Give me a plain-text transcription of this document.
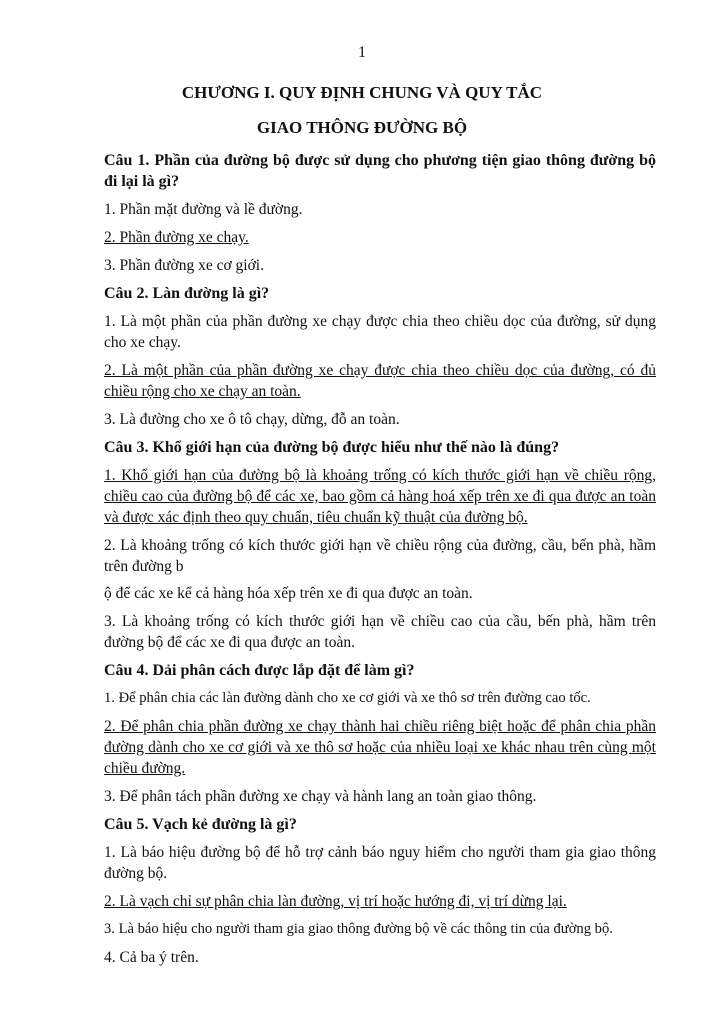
1
CHƯƠNG I. QUY ĐỊNH CHUNG VÀ QUY TẮC
GIAO THÔNG ĐƯỜNG BỘ
Câu 1. Phần của đường bộ được sử dụng cho phương tiện giao thông đường bộ đi lại là gì?
1. Phần mặt đường và lề đường.
2. Phần đường xe chạy.
3. Phần đường xe cơ giới.
Câu 2. Làn đường là gì?
1. Là một phần của phần đường xe chạy được chia theo chiều dọc của đường, sử dụng cho xe chạy.
2. Là một phần của phần đường xe chạy được chia theo chiều dọc của đường, có đủ chiều rộng cho xe chạy an toàn.
3. Là đường cho xe ô tô chạy, dừng, đỗ an toàn.
Câu 3. Khổ giới hạn của đường bộ được hiểu như thế nào là đúng?
1. Khổ giới hạn của đường bộ là khoảng trống có kích thước giới hạn về chiều rộng, chiều cao của đường bộ để các xe, bao gồm cả hàng hoá xếp trên xe đi qua được an toàn và được xác định theo quy chuẩn, tiêu chuẩn kỹ thuật của đường bộ.
2. Là khoảng trống có kích thước giới hạn về chiều rộng của đường, cầu, bến phà, hầm trên đường b
ộ để các xe kể cả hàng hóa xếp trên xe đi qua được an toàn.
3. Là khoảng trống có kích thước giới hạn về chiều cao của cầu, bến phà, hầm trên đường bộ để các xe đi qua được an toàn.
Câu 4. Dải phân cách được lắp đặt để làm gì?
1. Để phân chia các làn đường dành cho xe cơ giới và xe thô sơ trên đường cao tốc.
2. Để phân chia phần đường xe chạy thành hai chiều riêng biệt hoặc để phân chia phần đường dành cho xe cơ giới và xe thô sơ hoặc của nhiều loại xe khác nhau trên cùng một chiều đường.
3. Để phân tách phần đường xe chạy và hành lang an toàn giao thông.
Câu 5. Vạch kẻ đường là gì?
1. Là báo hiệu đường bộ để hỗ trợ cảnh báo nguy hiểm cho người tham gia giao thông đường bộ.
2. Là vạch chỉ sự phân chia làn đường, vị trí hoặc hướng đi, vị trí dừng lại.
3. Là báo hiệu cho người tham gia giao thông đường bộ về các thông tin của đường bộ.
4. Cả ba ý trên.
